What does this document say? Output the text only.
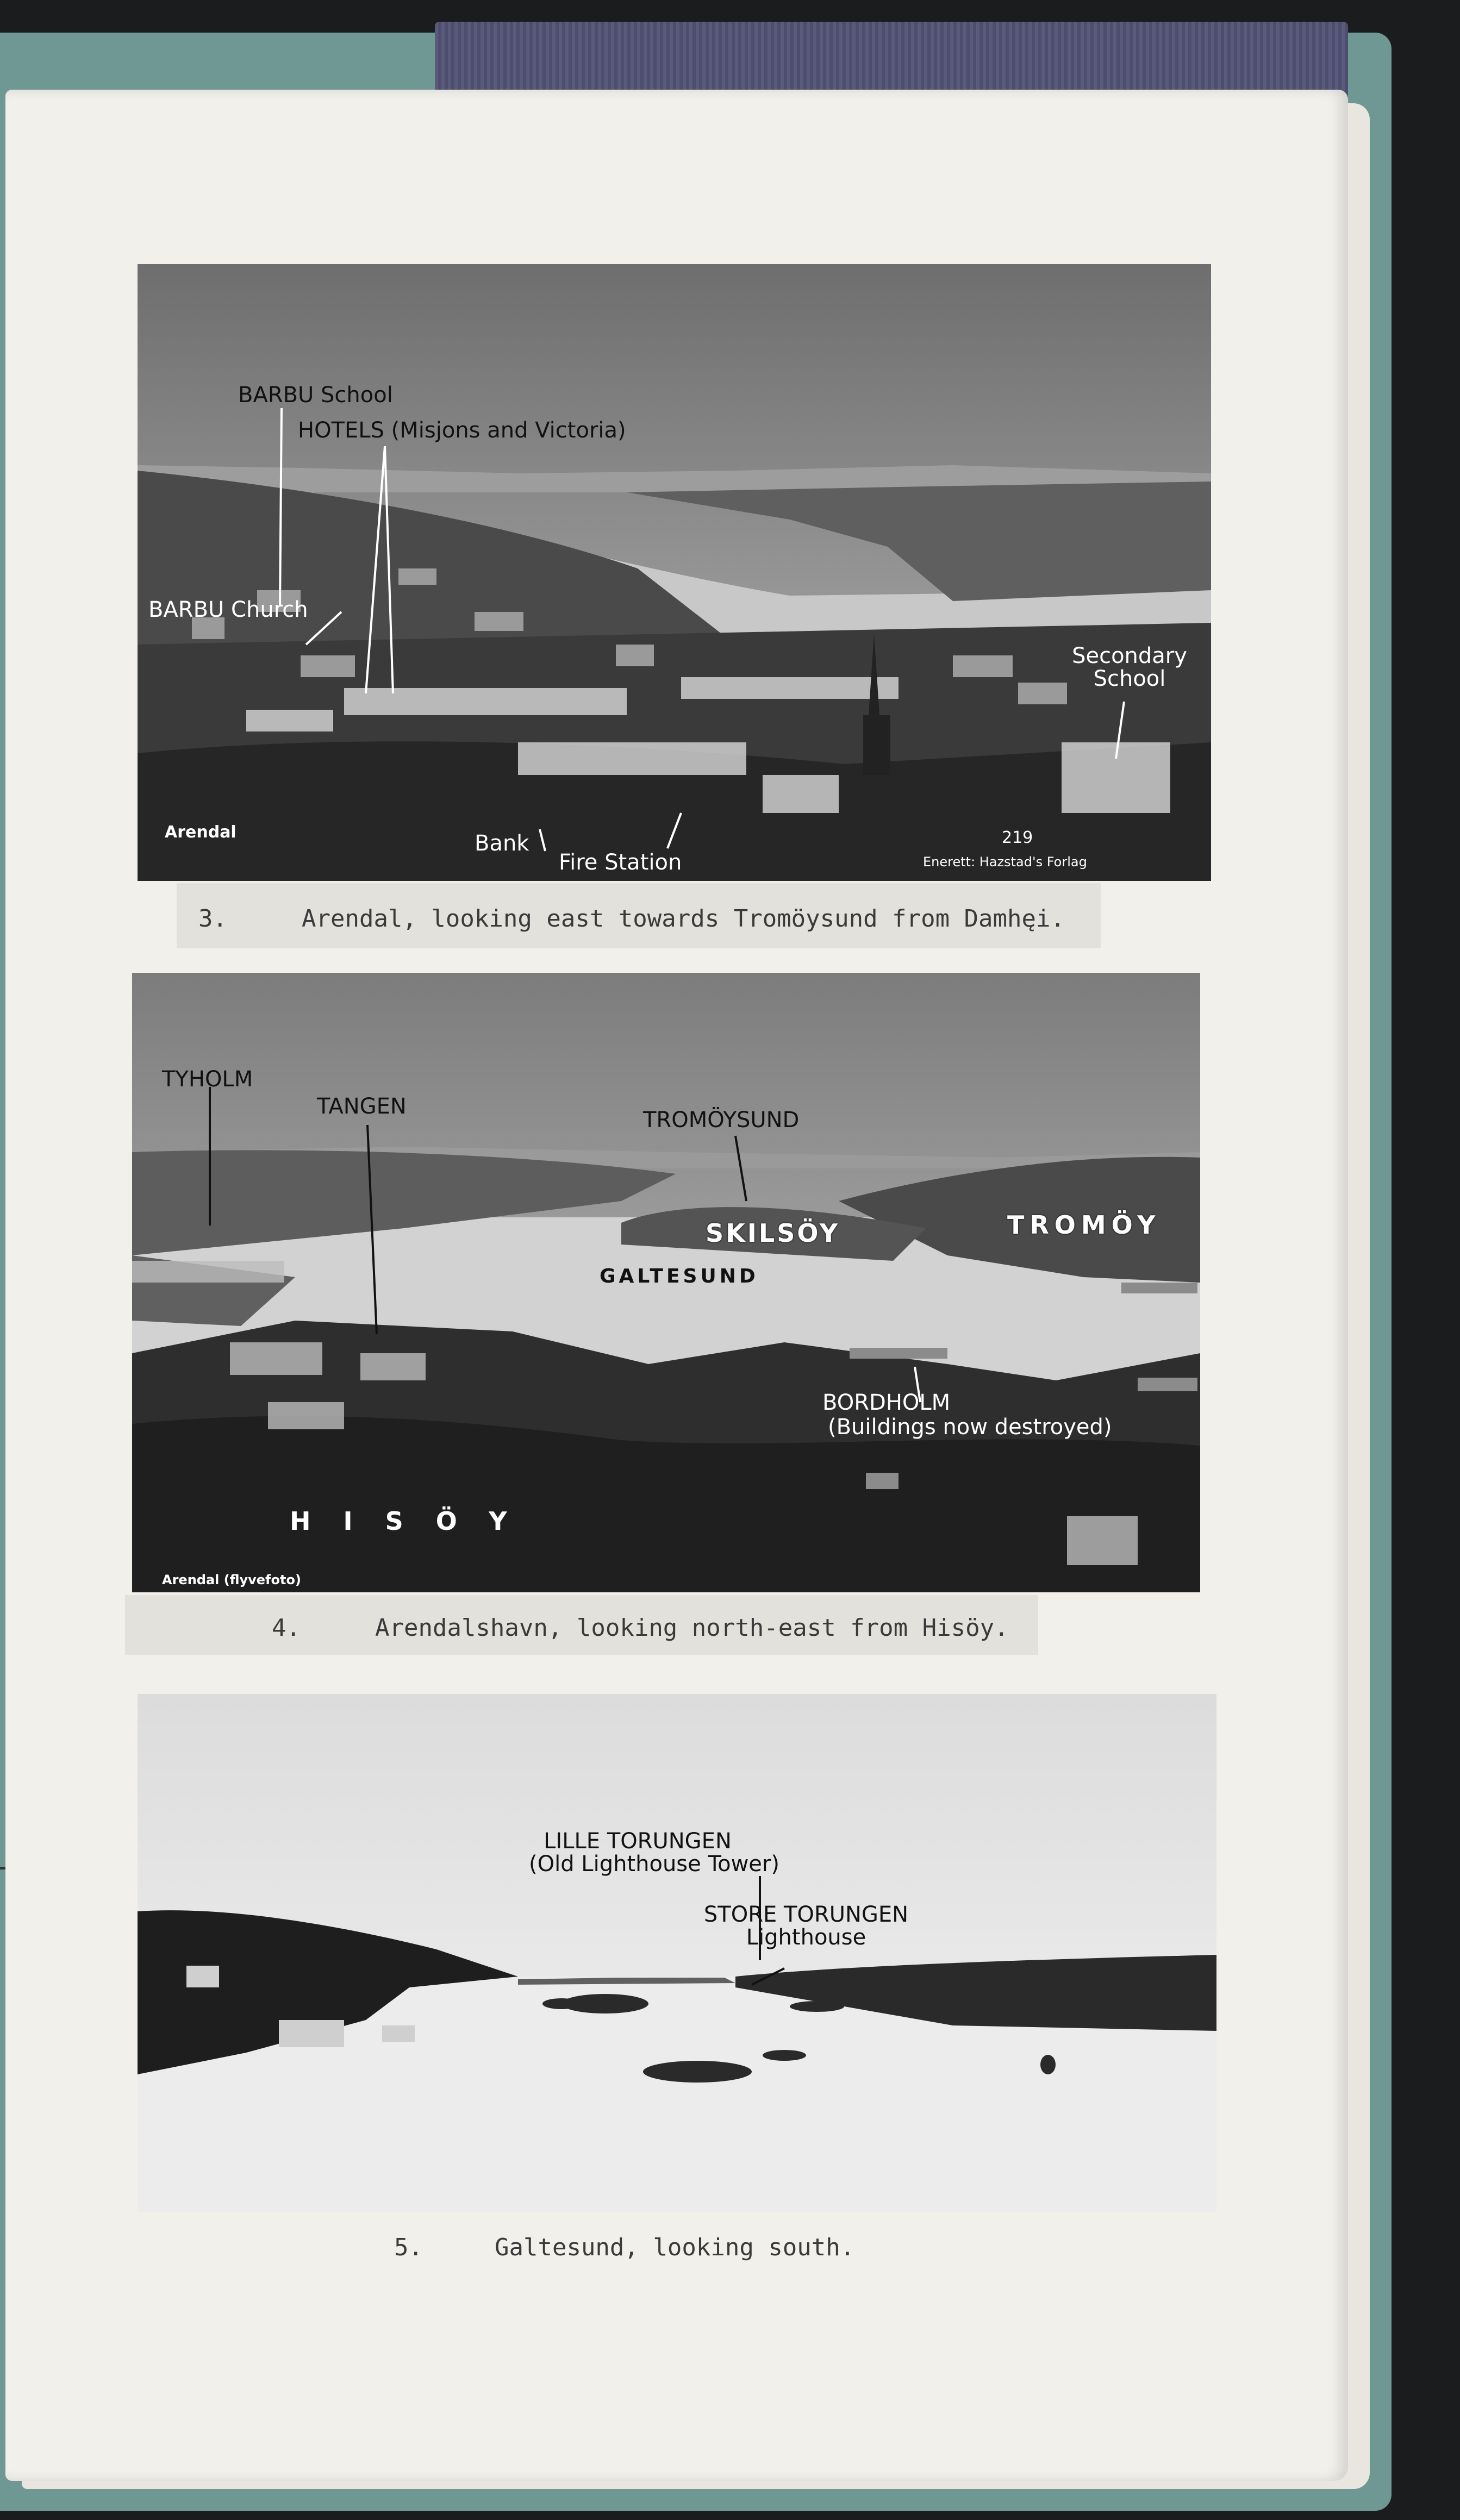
BARBU School
HOTELS (Misjons and Victoria)
BARBU Church
Secondary School
Arendal	Bank
Fire Station
219
Enerett: Hazstad's Forlag
3.	Arendal, looking east towards Tromöysund from Damhęi.
TYHOLM
TANGEN
TROMÖYSUND
SKILSÖY	TROMÖY
GALTESUND
BORDHOLM
(Buildings now destroyed)
HISÖY
Arendal (flyvefoto)
4.	Arendalshavn, looking north-east from Hisöy.
LILLE TORUNGEN
(Old Lighthouse Tower)
STORE TORUNGEN
Lighthouse
5.	Galtesund, looking south.
